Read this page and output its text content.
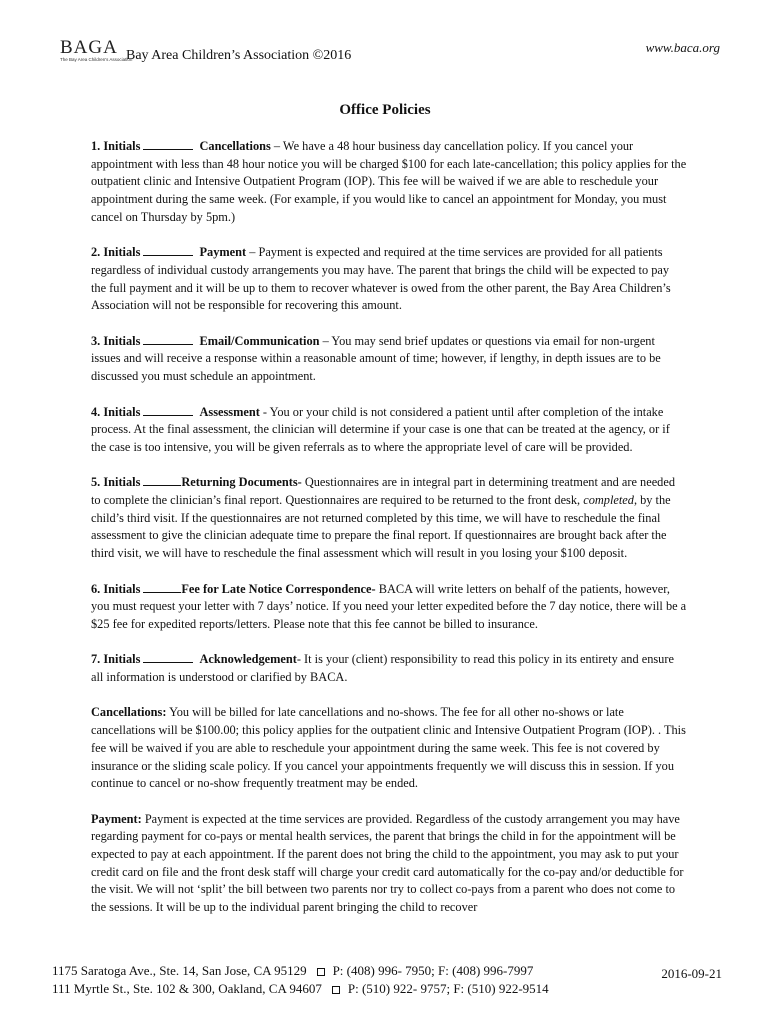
BAGA
The Bay Area Children's Association
Bay Area Children’s Association ©2016
www.baca.org
Office Policies

1. Initials	Cancellations – We have a 48 hour business day cancellation policy. If you cancel your appointment with less than 48 hour notice you will be charged $100 for each late-cancellation; this policy applies for the outpatient clinic and Intensive Outpatient Program (IOP). This fee will be waived if we are able to reschedule your appointment during the same week. (For example, if you would like to cancel an appointment for Monday, you must cancel on Thursday by 5pm.)

2. Initials	Payment – Payment is expected and required at the time services are provided for all patients regardless of individual custody arrangements you may have. The parent that brings the child will be expected to pay the full payment and it will be up to them to recover whatever is owed from the other parent, the Bay Area Children’s Association will not be responsible for recovering this amount.

3. Initials	Email/Communication – You may send brief updates or questions via email for non-urgent issues and will receive a response within a reasonable amount of time; however, if lengthy, in depth issues are to be discussed you must schedule an appointment.

4. Initials	Assessment - You or your child is not considered a patient until after completion of the intake process. At the final assessment, the clinician will determine if your case is one that can be treated at the agency, or if the case is too intensive, you will be given referrals as to where the appropriate level of care will be provided.

5. Initials	Returning Documents- Questionnaires are in integral part in determining treatment and are needed to complete the clinician’s final report. Questionnaires are required to be returned to the front desk, completed, by the child’s third visit. If the questionnaires are not returned completed by this time, we will have to reschedule the final assessment to give the clinician adequate time to prepare the final report. If questionnaires are brought back after the third visit, we will have to reschedule the final assessment which will result in you losing your $100 deposit.

6. Initials	Fee for Late Notice Correspondence- BACA will write letters on behalf of the patients, however, you must request your letter with 7 days’ notice. If you need your letter expedited before the 7 day notice, there will be a $25 fee for expedited reports/letters. Please note that this fee cannot be billed to insurance.

7. Initials	Acknowledgement- It is your (client) responsibility to read this policy in its entirety and ensure all information is understood or clarified by BACA.

Cancellations: You will be billed for late cancellations and no-shows. The fee for all other no-shows or late cancellations will be $100.00; this policy applies for the outpatient clinic and Intensive Outpatient Program (IOP). . This fee will be waived if you are able to reschedule your appointment during the same week. This fee is not covered by insurance or the sliding scale policy. If you cancel your appointments frequently we will discuss this in session. If you continue to cancel or no-show frequently treatment may be ended.

Payment: Payment is expected at the time services are provided. Regardless of the custody arrangement you may have regarding payment for co-pays or mental health services, the parent that brings the child in for the appointment will be expected to pay at each appointment. If the parent does not bring the child to the appointment, you may ask to put your credit card on file and the front desk staff will charge your credit card automatically for the co-pay and/or deductible for the visit. We will not ‘split’ the bill between two parents nor try to collect co-pays from a parent who does not come to the sessions. It will be up to the individual parent bringing the child to recover

1175 Saratoga Ave., Ste. 14, San Jose, CA 95129 P: (408) 996- 7950; F: (408) 996-7997
111 Myrtle St., Ste. 102 & 300, Oakland, CA 94607 P: (510) 922- 9757; F: (510) 922-9514
2016-09-21
